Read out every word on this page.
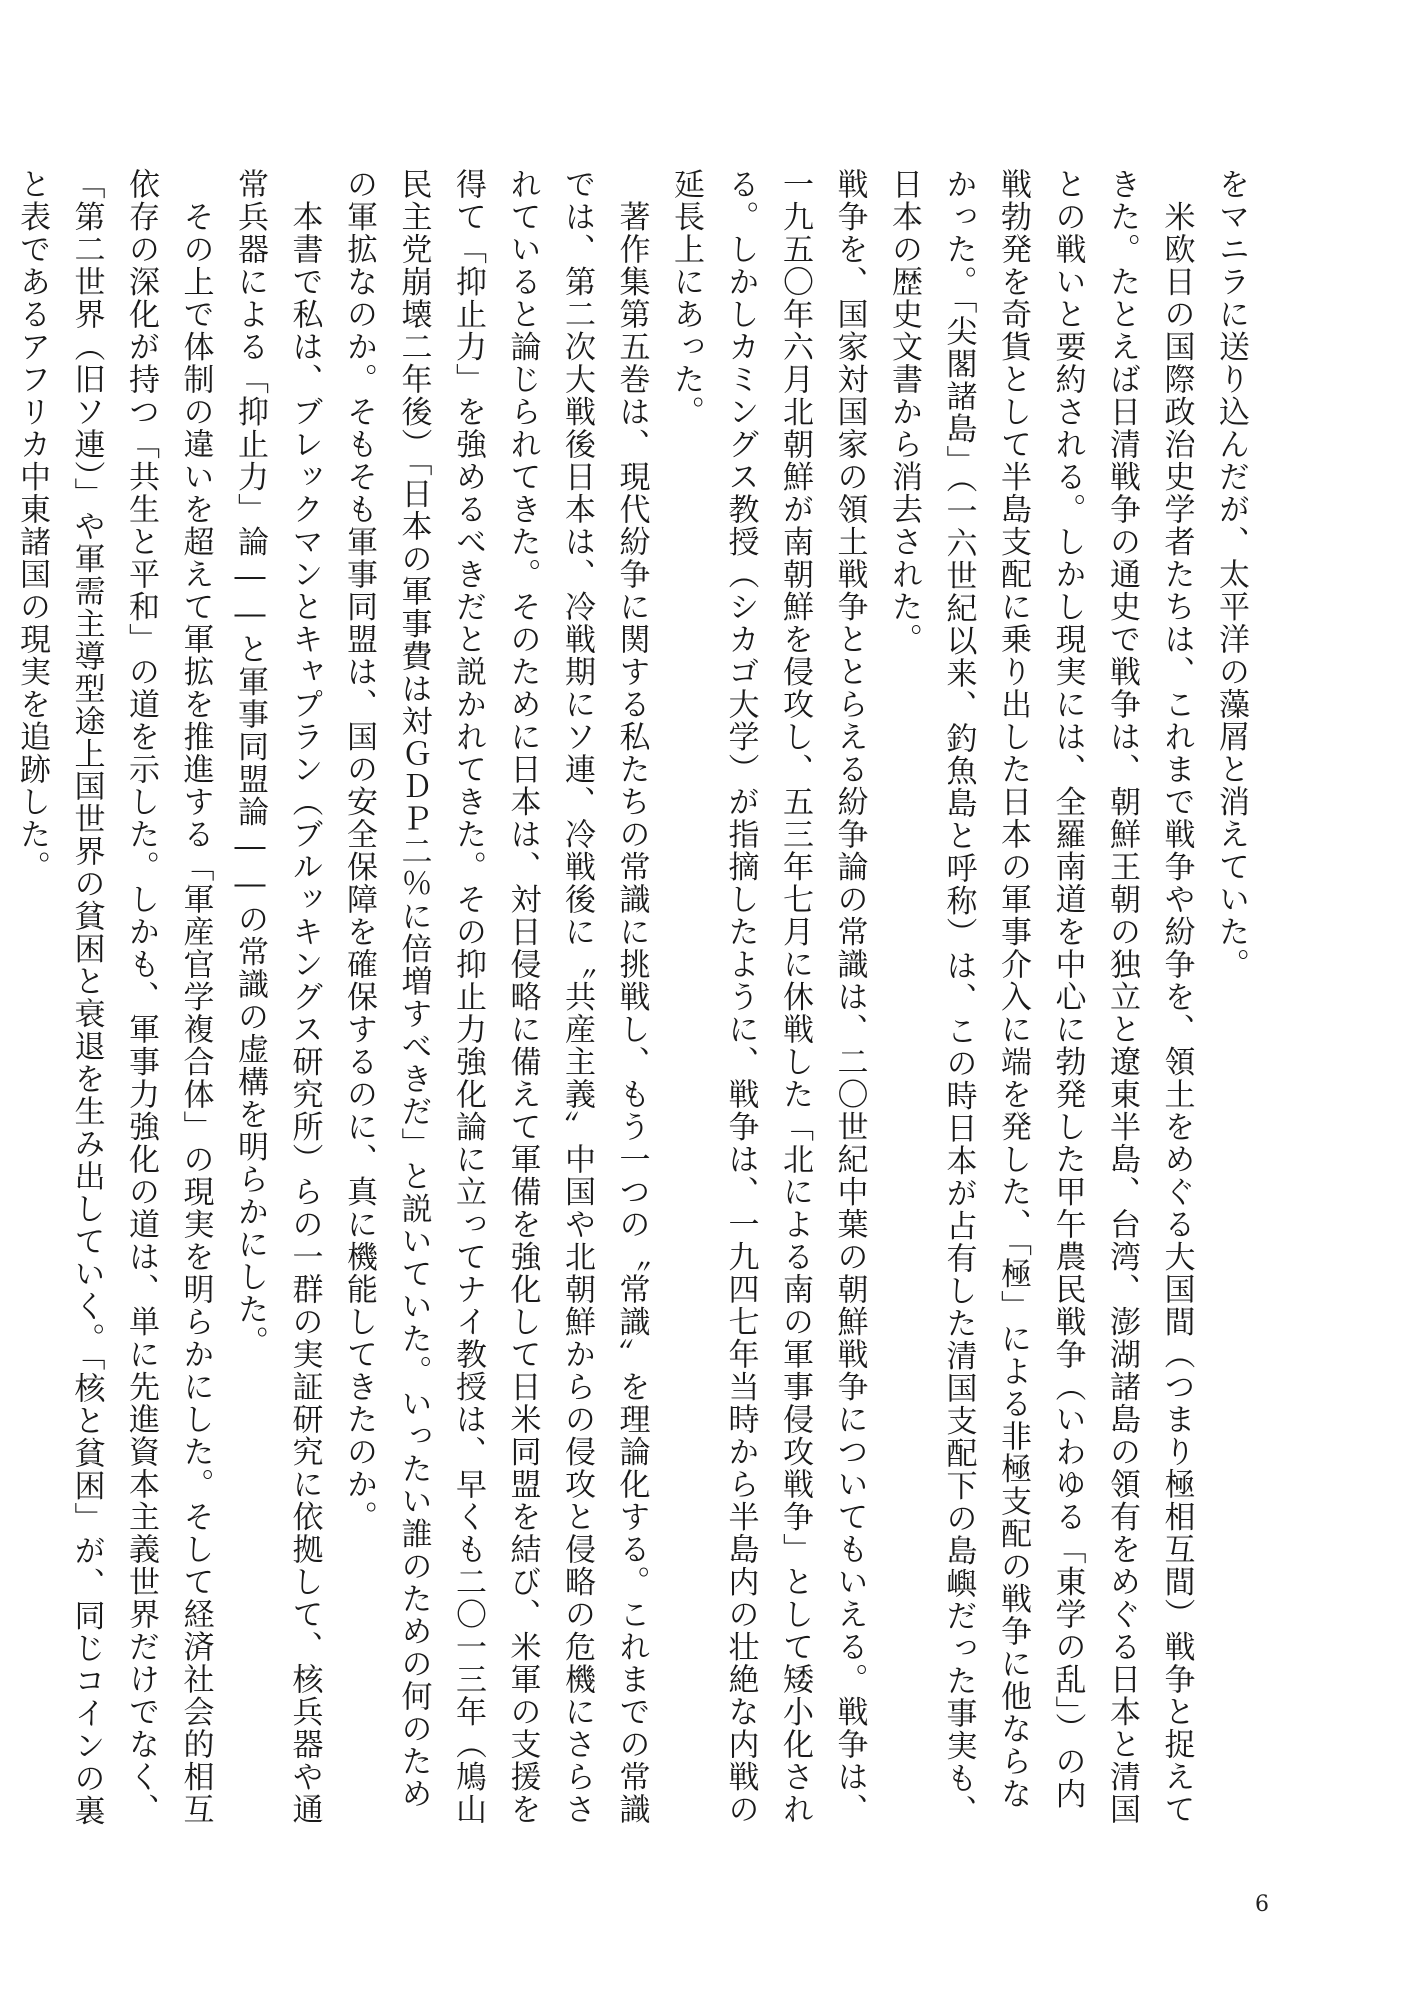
をマニラに送り込んだが、太平洋の藻屑と消えていた。

　米欧日の国際政治史学者たちは、これまで戦争や紛争を、領土をめぐる大国間（つまり極相互間）戦争と捉えてきた。たとえば日清戦争の通史で戦争は、朝鮮王朝の独立と遼東半島、台湾、澎湖諸島の領有をめぐる日本と清国との戦いと要約される。しかし現実には、全羅南道を中心に勃発した甲午農民戦争（いわゆる「東学の乱」）の内戦勃発を奇貨として半島支配に乗り出した日本の軍事介入に端を発した、「極」による非極支配の戦争に他ならなかった。「尖閣諸島」（一六世紀以来、釣魚島と呼称）は、この時日本が占有した清国支配下の島嶼だった事実も、日本の歴史文書から消去された。

戦争を、国家対国家の領土戦争ととらえる紛争論の常識は、二〇世紀中葉の朝鮮戦争についてもいえる。戦争は、一九五〇年六月北朝鮮が南朝鮮を侵攻し、五三年七月に休戦した「北による南の軍事侵攻戦争」として矮小化される。しかしカミングス教授（シカゴ大学）が指摘したように、戦争は、一九四七年当時から半島内の壮絶な内戦の延長上にあった。

　著作集第五巻は、現代紛争に関する私たちの常識に挑戦し、もう一つの〝常識〟を理論化する。これまでの常識では、第二次大戦後日本は、冷戦期にソ連、冷戦後に〝共産主義〟中国や北朝鮮からの侵攻と侵略の危機にさらされていると論じられてきた。そのために日本は、対日侵略に備えて軍備を強化して日米同盟を結び、米軍の支援を得て「抑止力」を強めるべきだと説かれてきた。その抑止力強化論に立ってナイ教授は、早くも二〇一三年（鳩山民主党崩壊二年後）「日本の軍事費は対ＧＤＰ二％に倍増すべきだ」と説いていた。いったい誰のための何のための軍拡なのか。そもそも軍事同盟は、国の安全保障を確保するのに、真に機能してきたのか。

　本書で私は、ブレックマンとキャプラン（ブルッキングス研究所）らの一群の実証研究に依拠して、核兵器や通常兵器による「抑止力」論――と軍事同盟論――の常識の虚構を明らかにした。

　その上で体制の違いを超えて軍拡を推進する「軍産官学複合体」の現実を明らかにした。そして経済社会的相互依存の深化が持つ「共生と平和」の道を示した。しかも、軍事力強化の道は、単に先進資本主義世界だけでなく、「第二世界（旧ソ連）」や軍需主導型途上国世界の貧困と衰退を生み出していく。「核と貧困」が、同じコインの裏と表であるアフリカ中東諸国の現実を追跡した。

6
